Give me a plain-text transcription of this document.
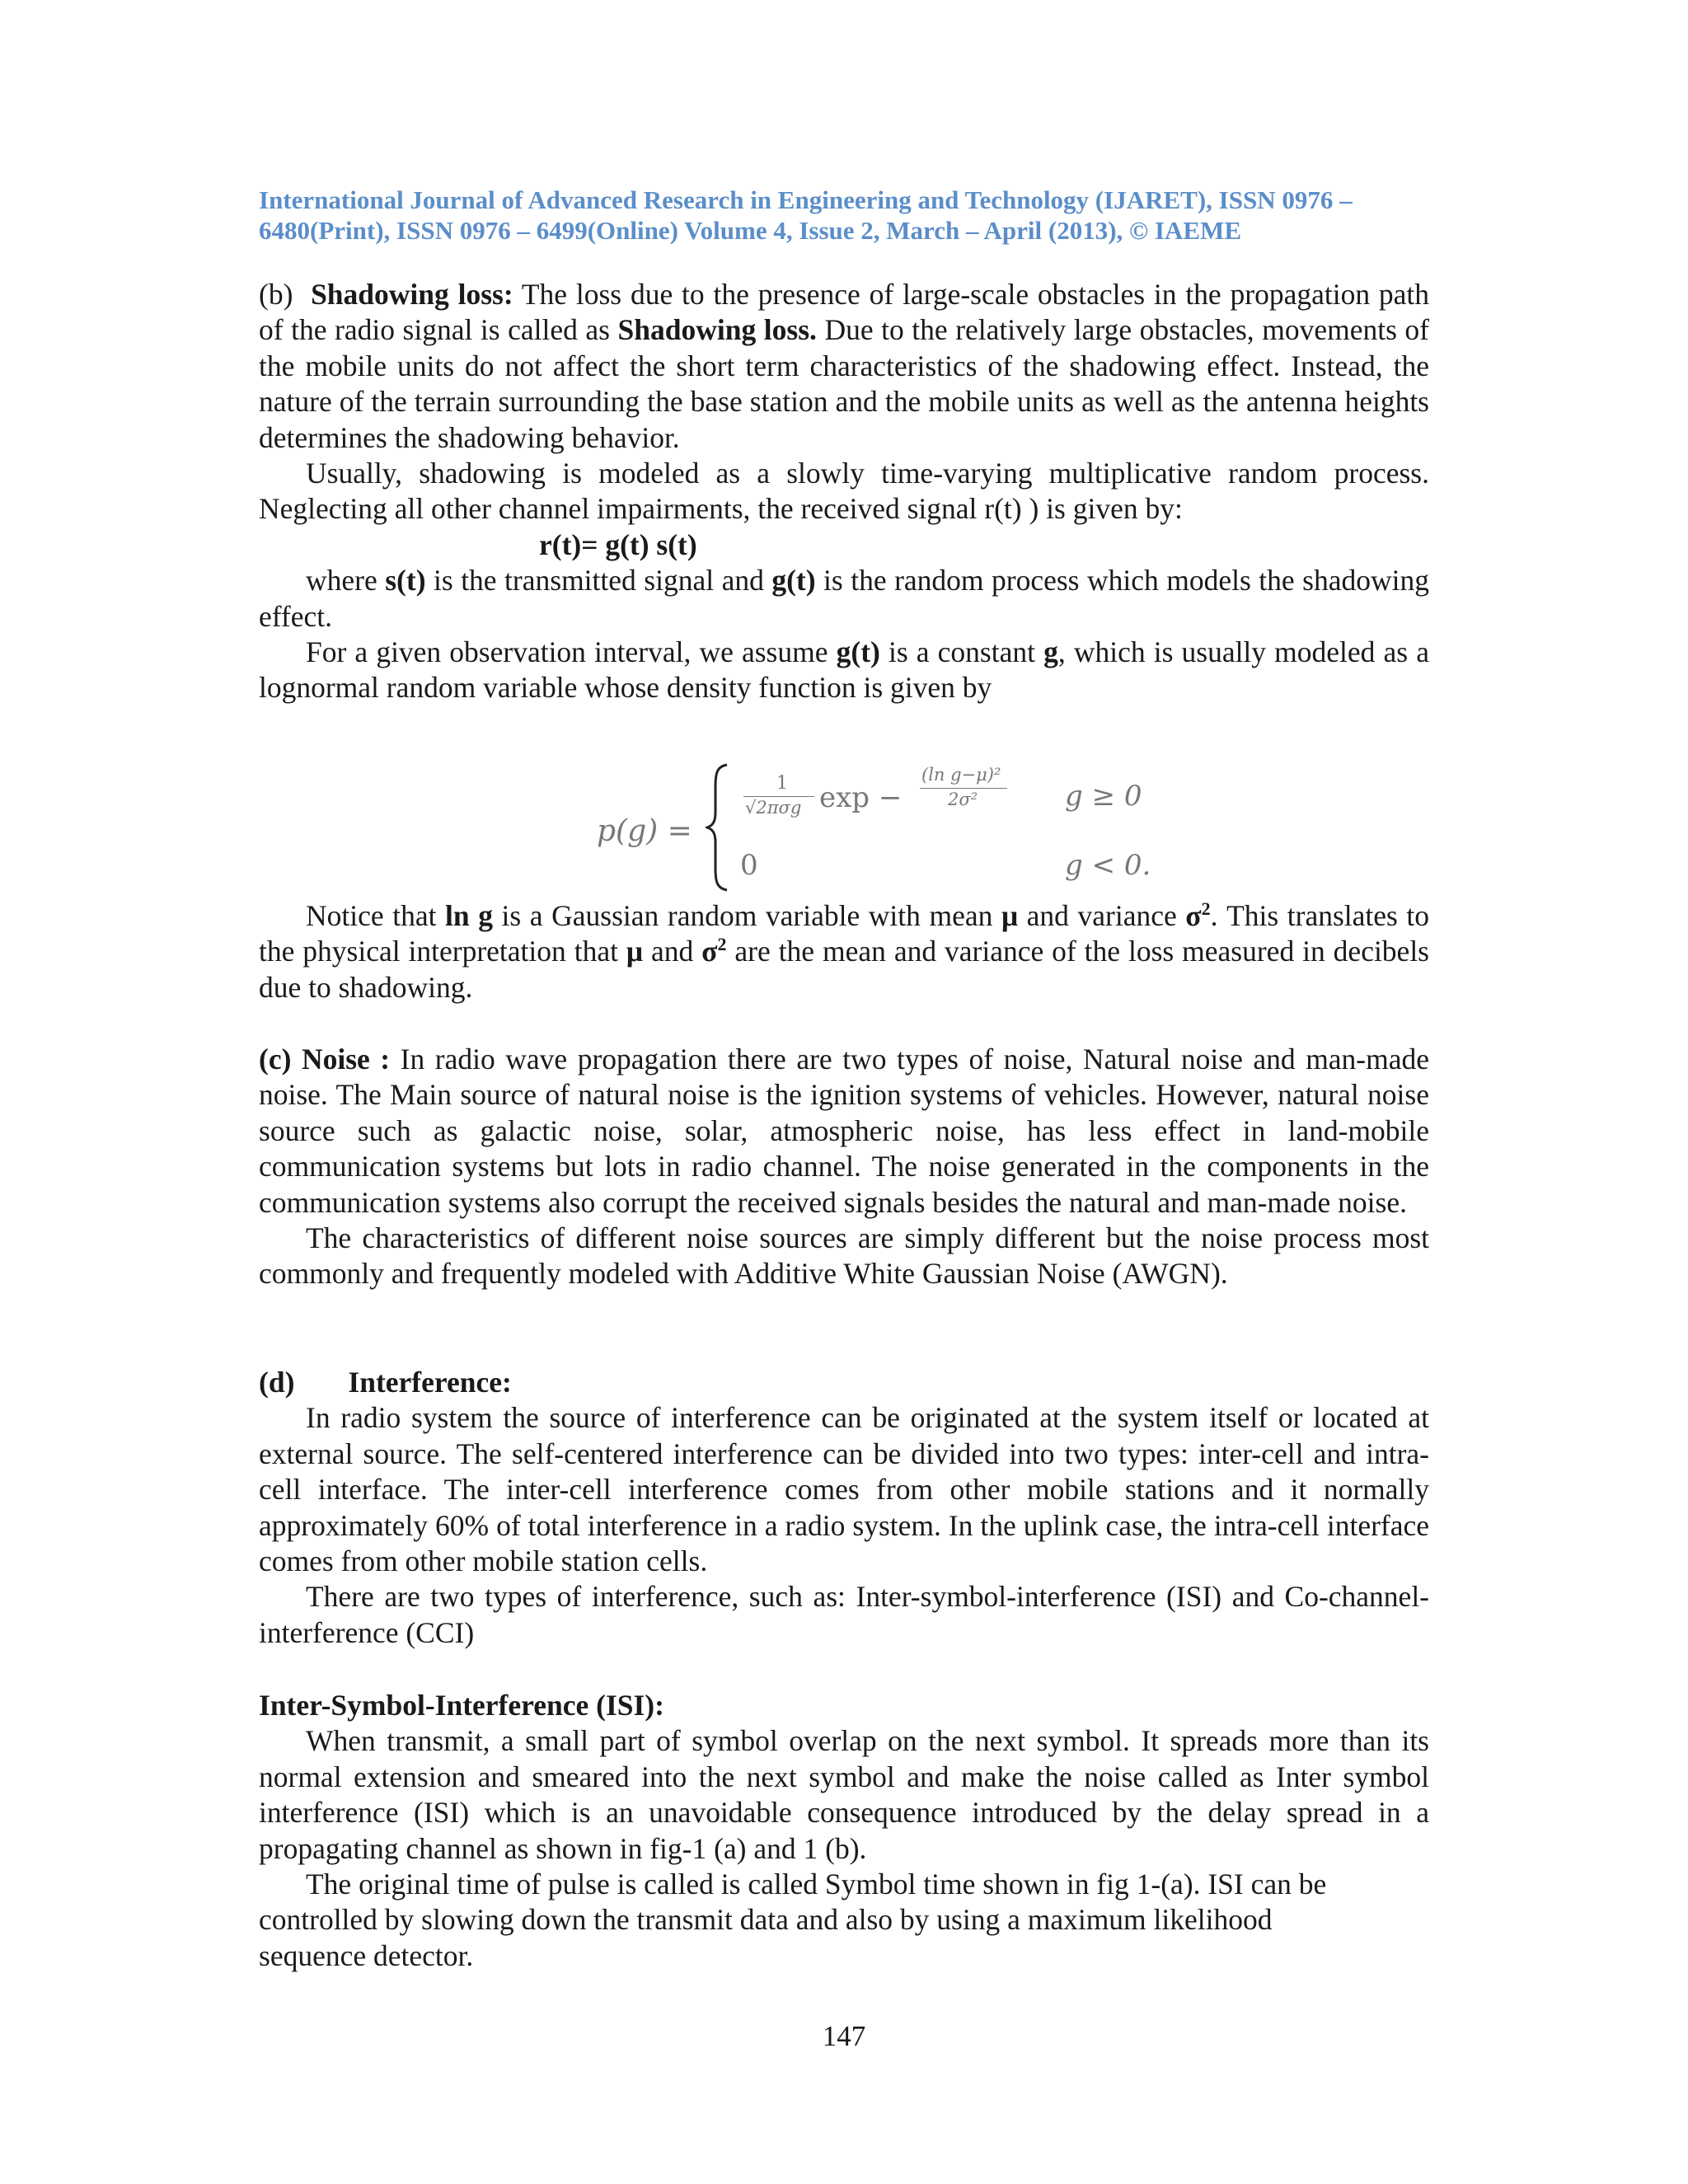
International Journal of Advanced Research in Engineering and Technology (IJARET), ISSN 0976 –
6480(Print), ISSN 0976 – 6499(Online) Volume 4, Issue 2, March – April (2013), © IAEME

(b) Shadowing loss: The loss due to the presence of large-scale obstacles in the propagation path of the radio signal is called as Shadowing loss. Due to the relatively large obstacles, movements of the mobile units do not affect the short term characteristics of the shadowing effect. Instead, the nature of the terrain surrounding the base station and the mobile units as well as the antenna heights determines the shadowing behavior.

Usually, shadowing is modeled as a slowly time-varying multiplicative random process. Neglecting all other channel impairments, the received signal r(t) ) is given by:

r(t)= g(t) s(t)

where s(t) is the transmitted signal and g(t) is the random process which models the shadowing effect.

For a given observation interval, we assume g(t) is a constant g, which is usually modeled as a lognormal random variable whose density function is given by

p(g) =
1
√2πσg exp −
(ln g−μ)²
2σ²	g ≥ 0
0	g < 0.

Notice that ln g is a Gaussian random variable with mean μ and variance $\sigma^2$. This translates to the physical interpretation that μ and $\sigma^2$ are the mean and variance of the loss measured in decibels due to shadowing.

(c) Noise : In radio wave propagation there are two types of noise, Natural noise and man-made noise. The Main source of natural noise is the ignition systems of vehicles. However, natural noise source such as galactic noise, solar, atmospheric noise, has less effect in land-mobile communication systems but lots in radio channel. The noise generated in the components in the communication systems also corrupt the received signals besides the natural and man-made noise.

The characteristics of different noise sources are simply different but the noise process most commonly and frequently modeled with Additive White Gaussian Noise (AWGN).

(d) Interference:

In radio system the source of interference can be originated at the system itself or located at external source. The self-centered interference can be divided into two types: inter-cell and intra-cell interface. The inter-cell interference comes from other mobile stations and it normally approximately 60% of total interference in a radio system. In the uplink case, the intra-cell interface comes from other mobile station cells.

There are two types of interference, such as: Inter-symbol-interference (ISI) and Co-channel-interference (CCI)

Inter-Symbol-Interference (ISI):

When transmit, a small part of symbol overlap on the next symbol. It spreads more than its normal extension and smeared into the next symbol and make the noise called as Inter symbol interference (ISI) which is an unavoidable consequence introduced by the delay spread in a propagating channel as shown in fig-1 (a) and 1 (b).

The original time of pulse is called is called Symbol time shown in fig 1-(a). ISI can be
controlled by slowing down the transmit data and also by using a maximum likelihood
sequence detector.

147
